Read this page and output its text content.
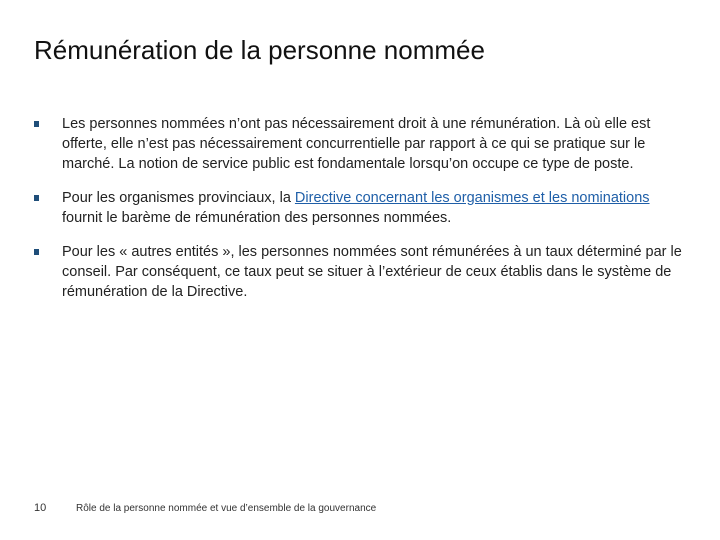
Rémunération de la personne nommée
Les personnes nommées n’ont pas nécessairement droit à une rémunération. Là où elle est offerte, elle n’est pas nécessairement concurrentielle par rapport à ce qui se pratique sur le marché. La notion de service public est fondamentale lorsqu’on occupe ce type de poste.
Pour les organismes provinciaux, la Directive concernant les organismes et les nominations fournit le barème de rémunération des personnes nommées.
Pour les « autres entités », les personnes nommées sont rémunérées à un taux déterminé par le conseil. Par conséquent, ce taux peut se situer à l’extérieur de ceux établis dans le système de rémunération de la Directive.
10	Rôle de la personne nommée et vue d’ensemble de la gouvernance
